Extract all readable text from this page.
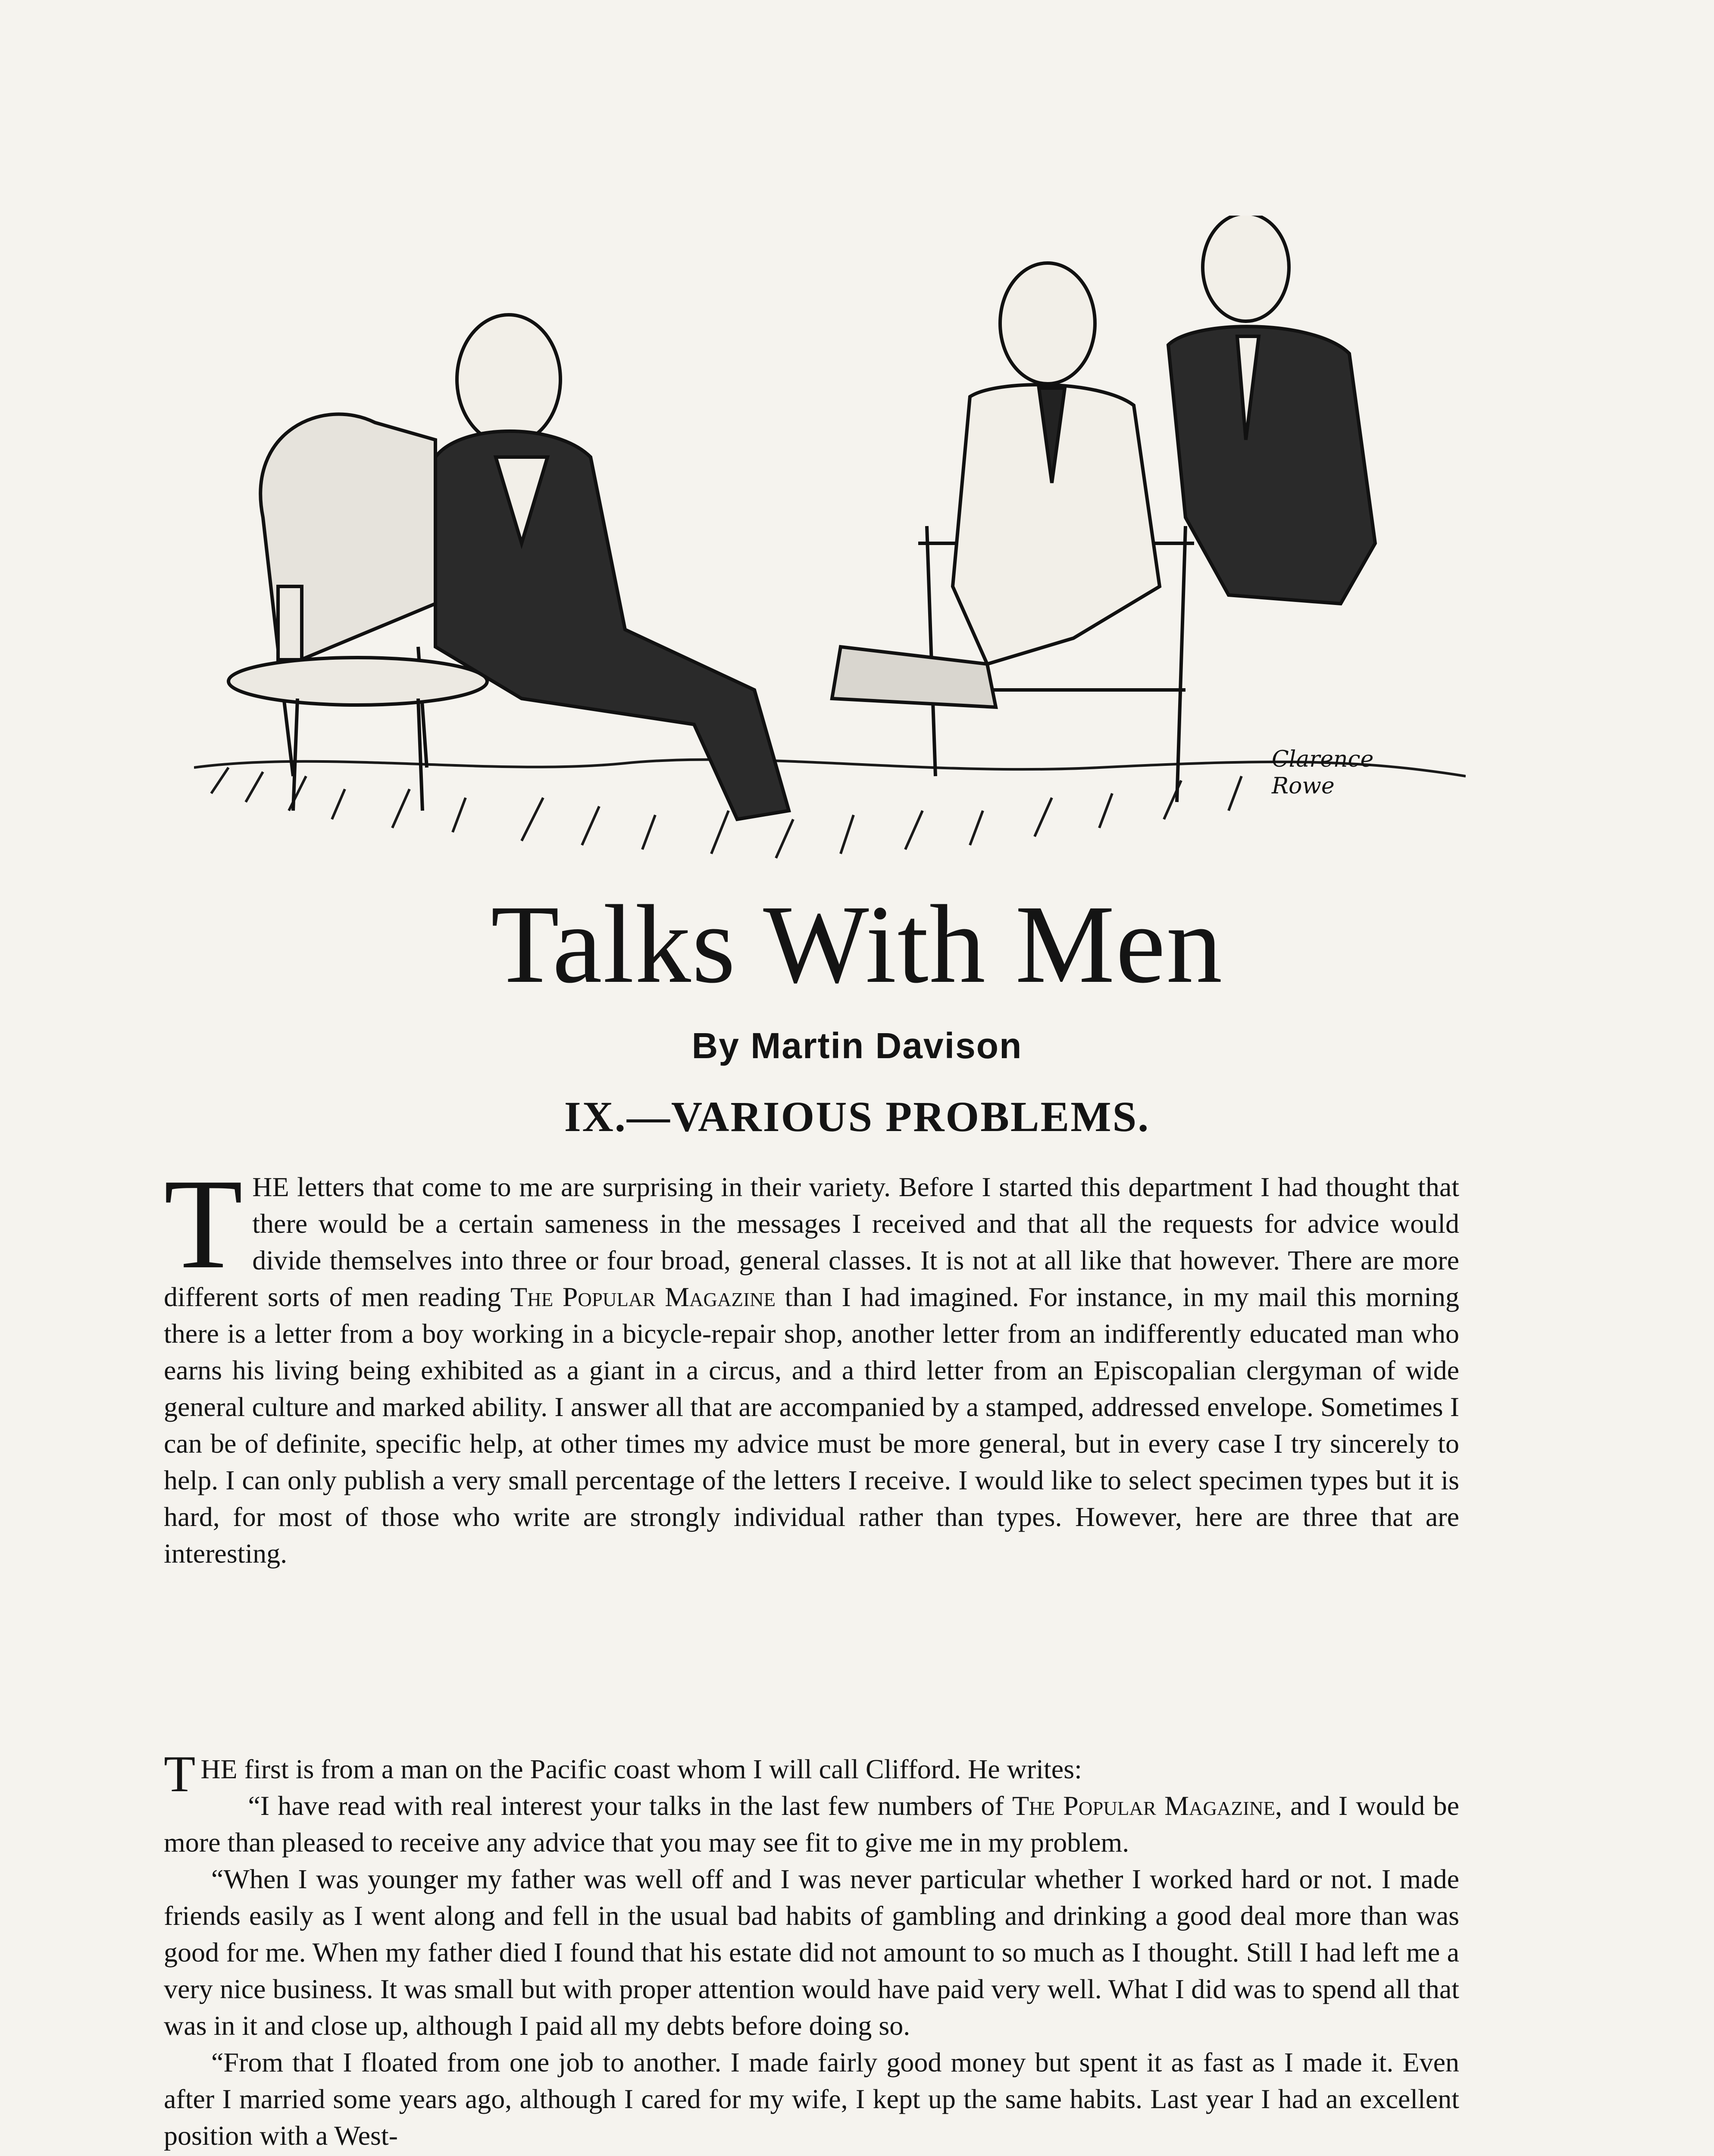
Clarence
Rowe
Talks With Men
By Martin Davison
IX.—VARIOUS PROBLEMS.

THE letters that come to me are surprising in their variety. Before I started this department I had thought that there would be a certain sameness in the messages I received and that all the requests for advice would divide themselves into three or four broad, general classes. It is not at all like that however. There are more different sorts of men reading The Popular Magazine than I had imagined. For instance, in my mail this morning there is a letter from a boy working in a bicycle-repair shop, another letter from an indifferently educated man who earns his living being exhibited as a giant in a circus, and a third letter from an Episcopalian clergyman of wide general culture and marked ability. I answer all that are accompanied by a stamped, addressed envelope. Sometimes I can be of definite, specific help, at other times my advice must be more general, but in every case I try sincerely to help. I can only publish a very small percentage of the letters I receive. I would like to select specimen types but it is hard, for most of those who write are strongly individual rather than types. However, here are three that are interesting.

THE first is from a man on the Pacific coast whom I will call Clifford. He writes:

“I have read with real interest your talks in the last few numbers of The Popular Magazine, and I would be more than pleased to receive any advice that you may see fit to give me in my problem.

“When I was younger my father was well off and I was never particular whether I worked hard or not. I made friends easily as I went along and fell in the usual bad habits of gambling and drinking a good deal more than was good for me. When my father died I found that his estate did not amount to so much as I thought. Still I had left me a very nice business. It was small but with proper attention would have paid very well. What I did was to spend all that was in it and close up, although I paid all my debts before doing so.

“From that I floated from one job to another. I made fairly good money but spent it as fast as I made it. Even after I married some years ago, although I cared for my wife, I kept up the same habits. Last year I had an excellent position with a West-
